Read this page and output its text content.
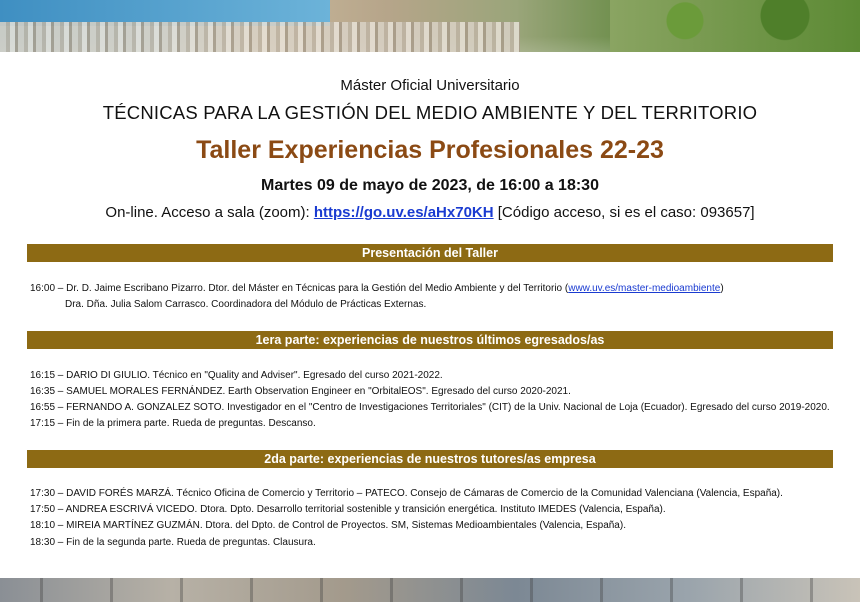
Máster Oficial Universitario
TÉCNICAS PARA LA GESTIÓN DEL MEDIO AMBIENTE Y DEL TERRITORIO
Taller Experiencias Profesionales 22-23
Martes 09 de mayo de 2023, de 16:00 a 18:30
On-line. Acceso a sala (zoom): https://go.uv.es/aHx70KH [Código acceso, si es el caso: 093657]
Presentación del Taller
16:00 – Dr. D. Jaime Escribano Pizarro. Dtor. del Máster en Técnicas para la Gestión del Medio Ambiente y del Territorio (www.uv.es/master-medioambiente)
Dra. Dña. Julia Salom Carrasco. Coordinadora del Módulo de Prácticas Externas.
1era parte: experiencias de nuestros últimos egresados/as
16:15 – DARIO DI GIULIO. Técnico en "Quality and Adviser". Egresado del curso 2021-2022.
16:35 – SAMUEL MORALES FERNÁNDEZ. Earth Observation Engineer en "OrbitalEOS". Egresado del curso 2020-2021.
16:55 – FERNANDO A. GONZALEZ SOTO. Investigador en el "Centro de Investigaciones Territoriales" (CIT) de la Univ. Nacional de Loja (Ecuador). Egresado del curso 2019-2020.
17:15 – Fin de la primera parte. Rueda de preguntas. Descanso.
2da parte: experiencias de nuestros tutores/as empresa
17:30 – DAVID FORÉS MARZÁ. Técnico Oficina de Comercio y Territorio – PATECO. Consejo de Cámaras de Comercio de la Comunidad Valenciana (Valencia, España).
17:50 – ANDREA ESCRIVÁ VICEDO. Dtora. Dpto. Desarrollo territorial sostenible y transición energética. Instituto IMEDES (Valencia, España).
18:10 – MIREIA MARTÍNEZ GUZMÁN. Dtora. del Dpto. de Control de Proyectos. SM, Sistemas Medioambientales (Valencia, España).
18:30 – Fin de la segunda parte. Rueda de preguntas. Clausura.
